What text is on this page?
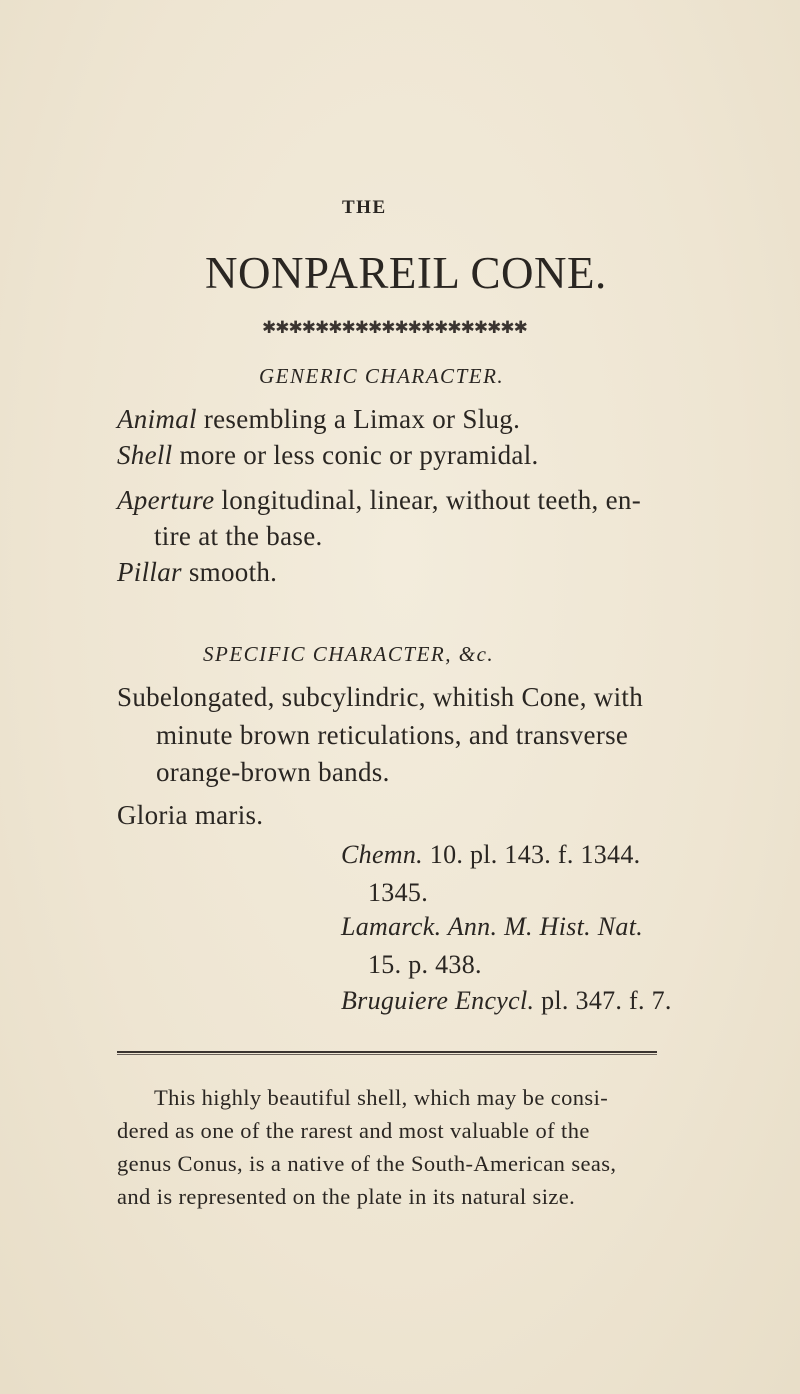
THE
NONPAREIL CONE.
✱✱✱✱✱✱✱✱✱✱✱✱✱✱✱✱✱✱✱✱
GENERIC CHARACTER.
Animal resembling a Limax or Slug.
Shell more or less conic or pyramidal.
Aperture longitudinal, linear, without teeth, en-
tire at the base.
Pillar smooth.
SPECIFIC CHARACTER, &c.
Subelongated, subcylindric, whitish Cone, with
minute brown reticulations, and transverse
orange-brown bands.
Gloria maris.
Chemn. 10. pl. 143. f. 1344.
1345.
Lamarck. Ann. M. Hist. Nat.
15. p. 438.
Bruguiere Encycl. pl. 347. f. 7.
This highly beautiful shell, which may be consi-
dered as one of the rarest and most valuable of the
genus Conus, is a native of the South-American seas,
and is represented on the plate in its natural size.
